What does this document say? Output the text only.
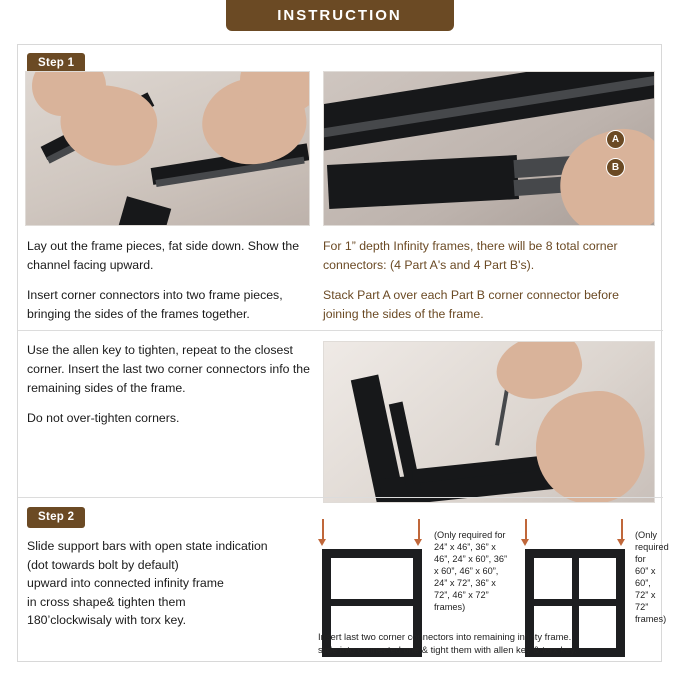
INSTRUCTION
Step 1
A
B

Lay out the frame pieces, fat side down. Show the channel facing upward.

Insert corner connectors into two frame pieces, bringing the sides of the frames together.

For 1” depth Infinity frames, there will be 8 total corner connectors: (4 Part A's and 4 Part B's).

Stack Part A over each Part B corner connector before joining the sides of the frame.

Use the allen key to tighten, repeat to the closest corner. Insert the last two corner connectors info the remaining sides of the frame.

Do not over-tighten corners.

Step 2
Slide support bars with open state indication
(dot towards bolt by default)
upward into connected infinity frame
in cross shape& tighten them
180’clockwisaly with torx key.
(Only required for 24” x 46”, 36” x 46”, 24” x 60”, 36” x 60”, 46” x 60”, 24” x 72”, 36” x 72”, 46” x 72” frames)
(Only required for 60” x 60”, 72” x 72” frames)
Insert last two corner connectors into remaining infinty frame.
slide into connected one & tight them with allen key & torx key.
